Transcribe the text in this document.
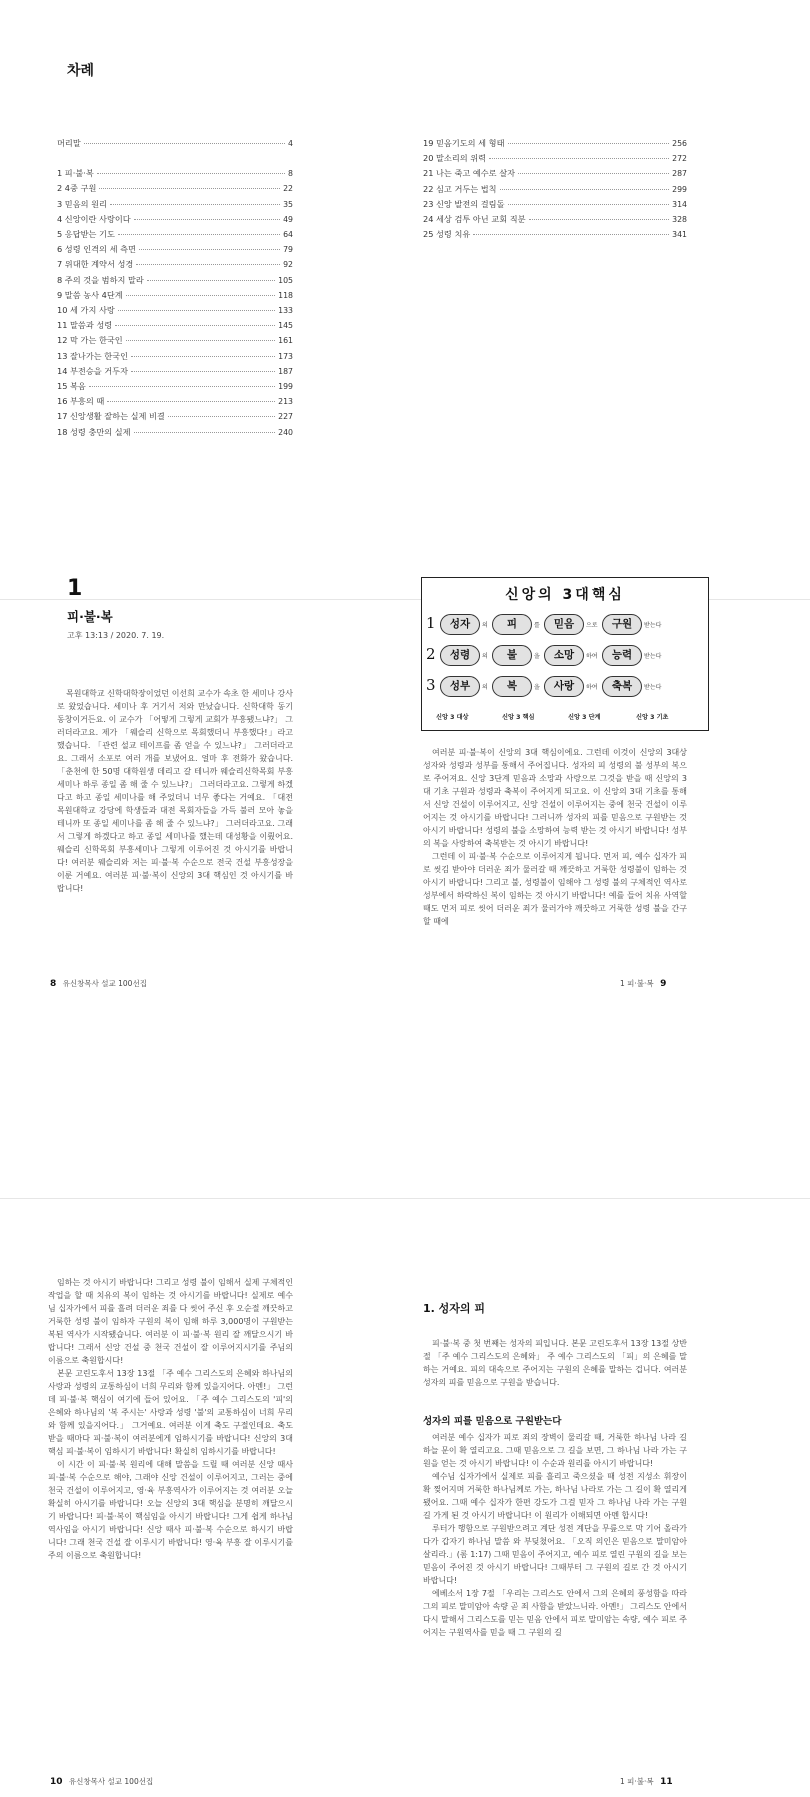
차례
머리말	4
1 피·불·복	8
2 4중 구원	22
3 믿음의 원리	35
4 신앙이란 사랑이다	49
5 응답받는 기도	64
6 성령 인격의 세 측면	79
7 위대한 계약서 성경	92
8 주의 것을 범하지 말라	105
9 말씀 농사 4단계	118
10 세 가지 사랑	133
11 말씀과 성령	145
12 막 가는 한국인	161
13 잘나가는 한국인	173
14 부전승을 거두자	187
15 복음	199
16 부흥의 때	213
17 신앙생활 잘하는 실제 비결	227
18 성령 충만의 실제	240
19 믿음기도의 세 형태	256
20 말소리의 위력	272
21 나는 죽고 예수로 살자	287
22 심고 거두는 법칙	299
23 신앙 발전의 걸림돌	314
24 세상 검투 아닌 교회 직분	328
25 성령 치유	341
1
피·불·복
고후 13:13 / 2020. 7. 19.

목원대학교 신학대학장이었던 이선희 교수가 속초 한 세미나 강사로 왔었습니다. 세미나 후 거기서 저와 만났습니다. 신학대학 동기 동창이거든요. 이 교수가 「어떻게 그렇게 교회가 부흥됐느냐?」 그러더라고요. 제가 「웨슬리 신학으로 목회했더니 부흥했다!」라고 했습니다. 「관련 설교 테이프를 좀 얻을 수 있느냐?」 그러더라고요. 그래서 소포로 여러 개를 보냈어요. 얼마 후 전화가 왔습니다. 「춘천에 한 50명 대학원생 데리고 갈 테니까 웨슬리신학목회 부흥세미나 하루 종일 좀 해 줄 수 있느냐?」 그러더라고요. 그렇게 하겠다고 하고 종일 세미나를 해 주었더니 너무 좋다는 거예요. 「대전 목원대학교 강당에 학생들과 대전 목회자들을 가득 불러 모아 놓을 테니까 또 종일 세미나를 좀 해 줄 수 있느냐?」 그러더라고요. 그래서 그렇게 하겠다고 하고 종일 세미나를 했는데 대성황을 이뤘어요. 웨슬리 신학목회 부흥세미나 그렇게 이루어진 것 아시기를 바랍니다! 여러분 웨슬리와 저는 피·불·복 수순으로 전국 건설 부흥성장을 이룬 거예요. 여러분 피·불·복이 신앙의 3대 핵심인 것 아시기를 바랍니다!

8 유신창목사 설교 100선집
신앙의 3대핵심
1	성자	의	피	를	믿음	으로	구원	받는다
2	성령	의	불	을	소망	하여	능력	받는다
3	성부	의	복	을	사랑	하여	축복	받는다
신앙 3 대상	신앙 3 핵심	신앙 3 단계	신앙 3 기초

여러분 피·불·복이 신앙의 3대 핵심이에요. 그런데 이것이 신앙의 3대상 성자와 성령과 성부를 통해서 주어집니다. 성자의 피 성령의 불 성부의 복으로 주어져요. 신앙 3단계 믿음과 소망과 사랑으로 그것을 받을 때 신앙의 3대 기초 구원과 성령과 축복이 주어지게 되고요. 이 신앙의 3대 기초를 통해서 신앙 건설이 이루어지고, 신앙 건설이 이루어지는 중에 천국 건설이 이루어지는 것 아시기를 바랍니다! 그러니까 성자의 피를 믿음으로 구원받는 것 아시기 바랍니다! 성령의 불을 소망하여 능력 받는 것 아시기 바랍니다! 성부의 복을 사랑하여 축복받는 것 아시기 바랍니다!

그런데 이 피·불·복 수순으로 이루어지게 됩니다. 먼저 피, 예수 십자가 피로 씻김 받아야 더러운 죄가 물러갈 때 깨끗하고 거룩한 성령불이 임하는 것 아시기 바랍니다! 그리고 불, 성령불이 임해야 그 성령 불의 구체적인 역사로 성부에서 하락하신 복이 임하는 것 아시기 바랍니다! 예를 들어 치유 사역할 때도 먼저 피로 씻어 더러운 죄가 물러가야 깨끗하고 거룩한 성령 불을 간구할 때에

1 피·불·복 9

임하는 것 아시기 바랍니다! 그리고 성령 불이 임해서 실제 구체적인 작업을 할 때 치유의 복이 임하는 것 아시기를 바랍니다! 실제로 예수님 십자가에서 피를 흘려 더러운 죄를 다 씻어 주신 후 오순절 깨끗하고 거룩한 성령 불이 임하자 구원의 복이 임해 하루 3,000명이 구원받는 복된 역사가 시작됐습니다. 여러분 이 피·불·복 원리 잘 깨달으시기 바랍니다! 그래서 신앙 건설 중 천국 건설이 잘 이루어지시기를 주님의 이름으로 축원합시다!

본문 고린도후서 13장 13절 「주 예수 그리스도의 은혜와 하나님의 사랑과 성령의 교통하심이 너희 무리와 함께 있을지어다. 아멘!」 그런데 피·불·복 핵심이 여기에 들어 있어요. 「주 예수 그리스도의 '피'의 은혜와 하나님의 '복 주시는' 사랑과 성령 '불'의 교통하심이 너희 무리와 함께 있을지어다.」 그거예요. 여러분 이게 축도 구절인데요. 축도 받을 때마다 피·불·복이 여러분에게 임하시기를 바랍니다! 신앙의 3대 핵심 피·불·복이 임하시기 바랍니다! 확실히 임하시기를 바랍니다!

이 시간 이 피·불·복 원리에 대해 말씀을 드릴 때 여러분 신앙 때사 피·불·복 수순으로 해야, 그래야 신앙 건설이 이루어지고, 그러는 중에 천국 건설이 이루어지고, 영·육 부흥역사가 이루어지는 것 여러분 오늘 확실히 아시기를 바랍니다! 오늘 신앙의 3대 핵심을 분명히 깨달으시기 바랍니다! 피·불·복이 핵심임을 아시기 바랍니다! 그게 쉽게 하나님 역사임을 아시기 바랍니다! 신앙 때사 피·불·복 수순으로 하시기 바랍니다! 그래 천국 건설 잘 이루시기 바랍니다! 영·육 부흥 잘 이루시기를 주의 이름으로 축원합니다!

10 유신창목사 설교 100선집
1. 성자의 피

피·불·복 중 첫 번째는 성자의 피입니다. 본문 고린도후서 13장 13절 상반절 「주 예수 그리스도의 은혜와」 주 예수 그리스도의 「피」의 은혜를 말하는 거예요. 피의 대속으로 주어지는 구원의 은혜를 말하는 겁니다. 여러분 성자의 피를 믿음으로 구원을 받습니다.

성자의 피를 믿음으로 구원받는다

여러분 예수 십자가 피로 죄의 장벽이 물리갈 때, 거룩한 하나님 나라 길 하늘 문이 확 열리고요. 그때 믿음으로 그 길을 보면, 그 하나님 나라 가는 구원을 얻는 것 아시기 바랍니다! 이 수순과 원리를 아시기 바랍니다!

예수님 십자가에서 실제로 피를 흘리고 죽으셨을 때 성전 지성소 휘장이 확 찢어지며 거룩한 하나님께로 가는, 하나님 나라로 가는 그 길이 확 열리게 됐어요. 그때 예수 십자가 한편 강도가 그걸 믿자 그 하나님 나라 가는 구원 길 가게 된 것 아시기 바랍니다! 이 원리가 이해되면 아멘 합시다!

루터가 행함으로 구원받으려고 계단 성전 계단을 무릎으로 막 기어 올라가다가 갑자기 하나님 말씀 와 부딪쳤어요. 「오직 의인은 믿음으로 말미암아 살리라.」(롬 1:17) 그때 믿음이 주어지고, 예수 피로 열린 구원의 길을 보는 믿음이 주어진 것 아시기 바랍니다! 그때부터 그 구원의 길로 간 것 아시기 바랍니다!

에베소서 1장 7절 「우리는 그리스도 안에서 그의 은혜의 풍성함을 따라 그의 피로 말미암아 속량 곧 죄 사함을 받았느니라. 아멘!」 그리스도 안에서 다시 말해서 그리스도를 믿는 믿음 안에서 피로 말미암는 속량, 예수 피로 주어지는 구원역사를 믿을 때 그 구원의 길

1 피·불·복 11
